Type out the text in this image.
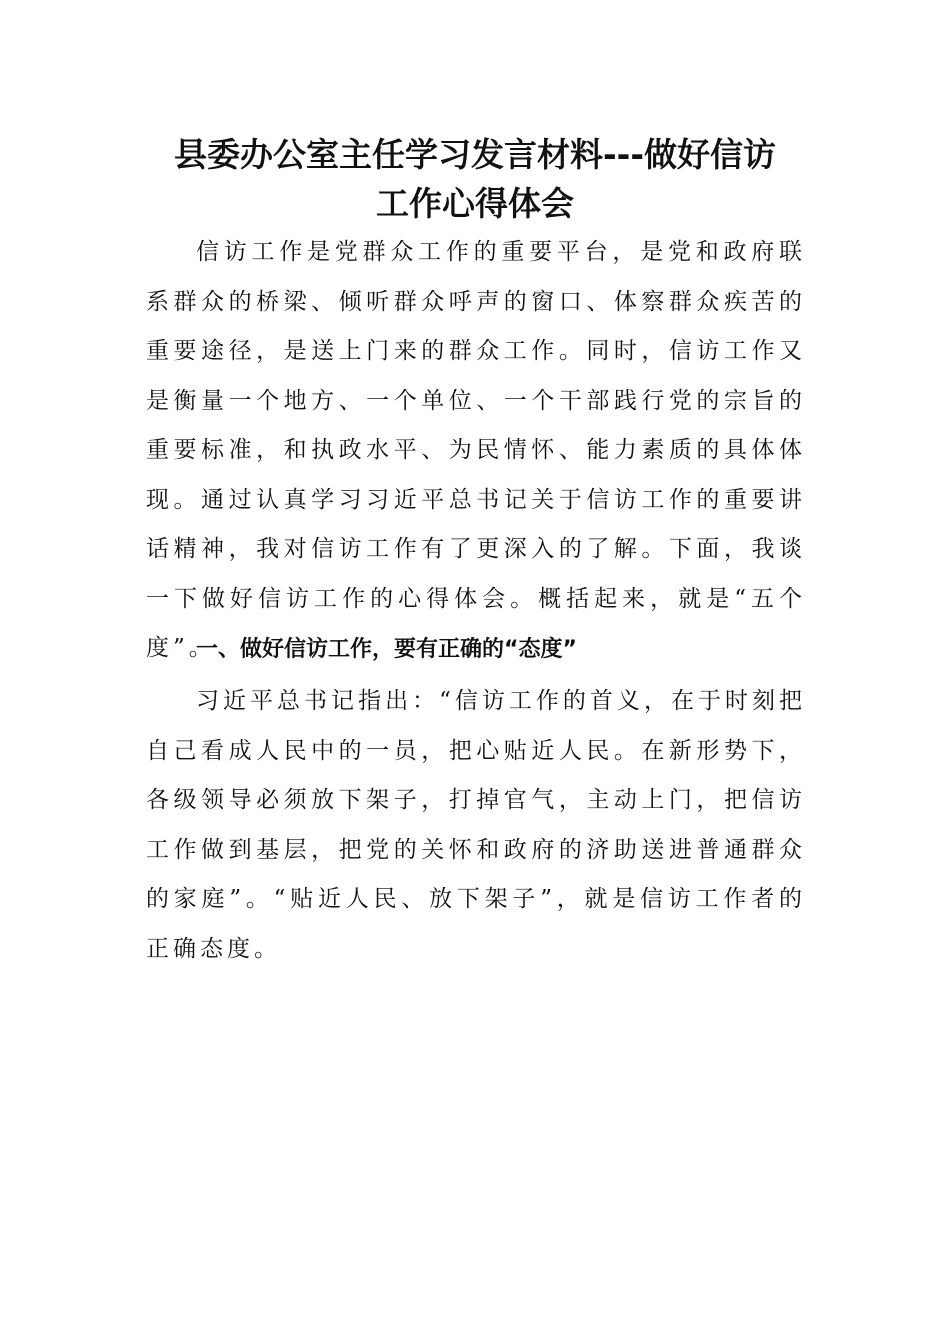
县委办公室主任学习发言材料---做好信访
工作心得体会

信访工作是党群众工作的重要平台，是党和政府联系群众的桥梁、倾听群众呼声的窗口、体察群众疾苦的重要途径，是送上门来的群众工作。同时，信访工作又是衡量一个地方、一个单位、一个干部践行党的宗旨的重要标准，和执政水平、为民情怀、能力素质的具体体现。通过认真学习习近平总书记关于信访工作的重要讲话精神，我对信访工作有了更深入的了解。下面，我谈一下做好信访工作的心得体会。概括起来，就是“五个度”。

一、做好信访工作，要有正确的“态度”

习近平总书记指出：“信访工作的首义，在于时刻把自己看成人民中的一员，把心贴近人民。在新形势下，各级领导必须放下架子，打掉官气，主动上门，把信访工作做到基层，把党的关怀和政府的济助送进普通群众的家庭”。“贴近人民、放下架子”，就是信访工作者的正确态度。
